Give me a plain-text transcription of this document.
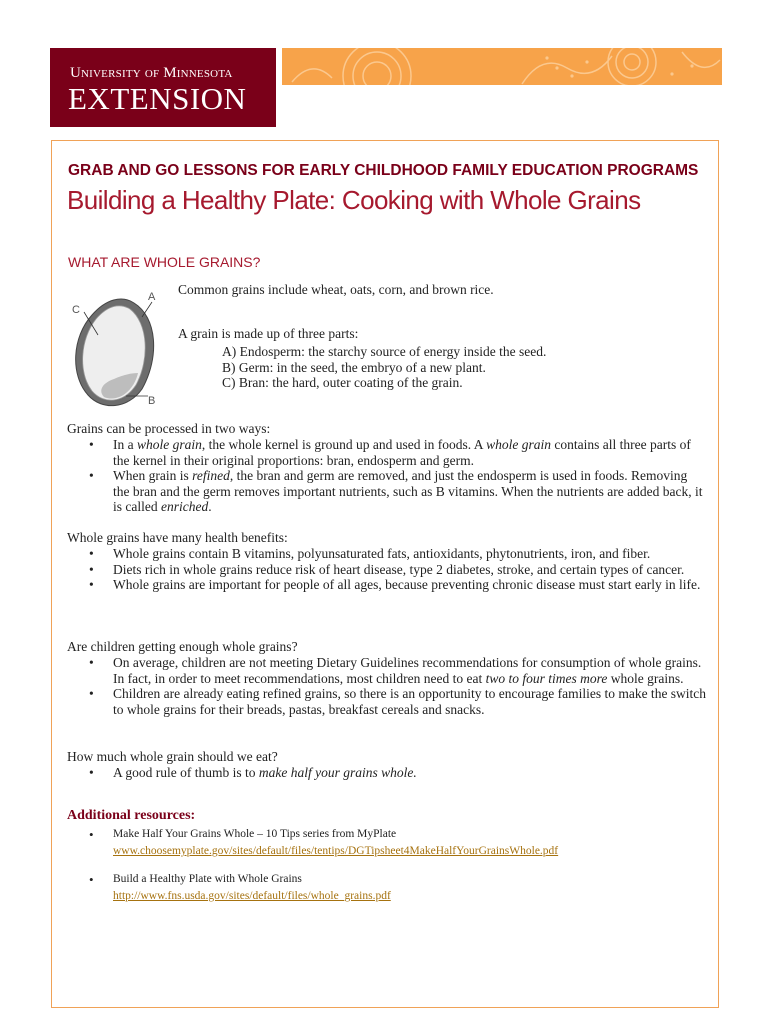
University of Minnesota
EXTENSION
GRAB AND GO LESSONS FOR EARLY CHILDHOOD FAMILY EDUCATION PROGRAMS
Building a Healthy Plate: Cooking with Whole Grains
WHAT ARE WHOLE GRAINS?
A
C
B
Common grains include wheat, oats, corn, and brown rice.
A grain is made up of three parts:
A) Endosperm: the starchy source of energy inside the seed.
B) Germ: in the seed, the embryo of a new plant.
C) Bran: the hard, outer coating of the grain.
Grains can be processed in two ways:
• In a whole grain, the whole kernel is ground up and used in foods. A whole grain contains all three parts of the kernel in their original proportions: bran, endosperm and germ.
• When grain is refined, the bran and germ are removed, and just the endosperm is used in foods. Removing the bran and the germ removes important nutrients, such as B vitamins. When the nutrients are added back, it is called enriched.
Whole grains have many health benefits:
• Whole grains contain B vitamins, polyunsaturated fats, antioxidants, phytonutrients, iron, and fiber.
• Diets rich in whole grains reduce risk of heart disease, type 2 diabetes, stroke, and certain types of cancer.
• Whole grains are important for people of all ages, because preventing chronic disease must start early in life.
Are children getting enough whole grains?
• On average, children are not meeting Dietary Guidelines recommendations for consumption of whole grains. In fact, in order to meet recommendations, most children need to eat two to four times more whole grains.
• Children are already eating refined grains, so there is an opportunity to encourage families to make the switch to whole grains for their breads, pastas, breakfast cereals and snacks.
How much whole grain should we eat?
• A good rule of thumb is to make half your grains whole.
Additional resources:
• Make Half Your Grains Whole – 10 Tips series from MyPlate
www.choosemyplate.gov/sites/default/files/tentips/DGTipsheet4MakeHalfYourGrainsWhole.pdf
• Build a Healthy Plate with Whole Grains
http://www.fns.usda.gov/sites/default/files/whole_grains.pdf
